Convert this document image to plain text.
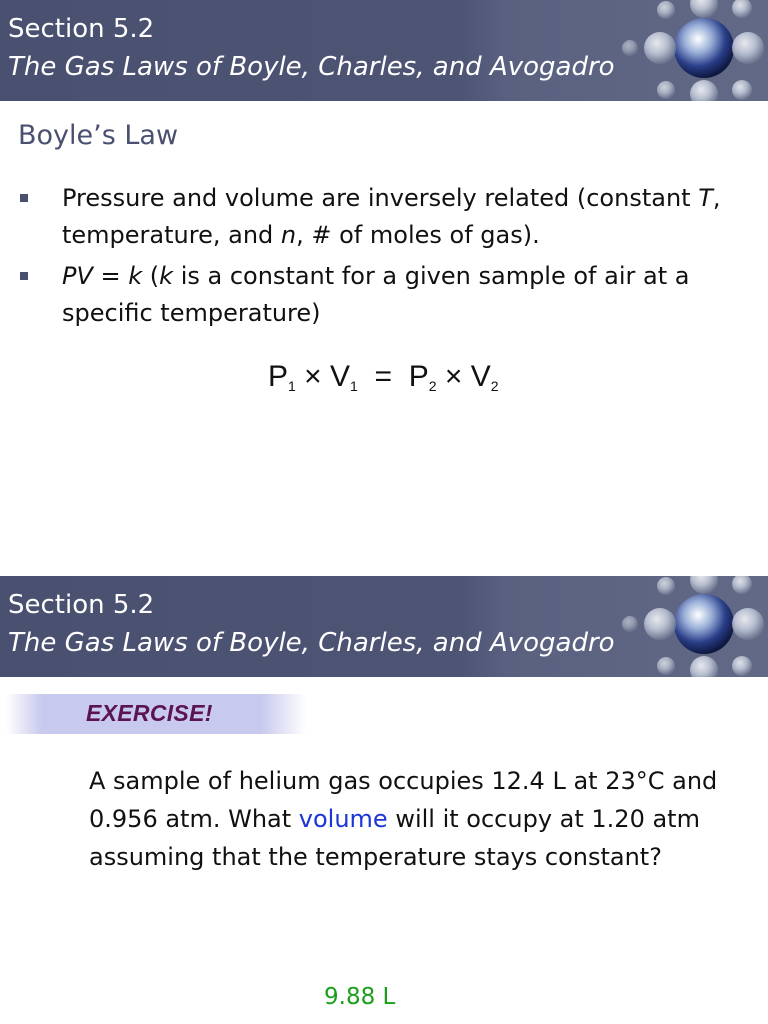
Section 5.2
The Gas Laws of Boyle, Charles, and Avogadro
Boyle’s Law
Pressure and volume are inversely related (constant T,
temperature, and n, # of moles of gas).
PV = k (k is a constant for a given sample of air at a
specific temperature)
$P_1 \times V_1 = P_2 \times V_2$
Section 5.2
The Gas Laws of Boyle, Charles, and Avogadro
EXERCISE!
A sample of helium gas occupies 12.4 L at 23°C and 0.956 atm. What volume will it occupy at 1.20 atm assuming that the temperature stays constant?
9.88 L
